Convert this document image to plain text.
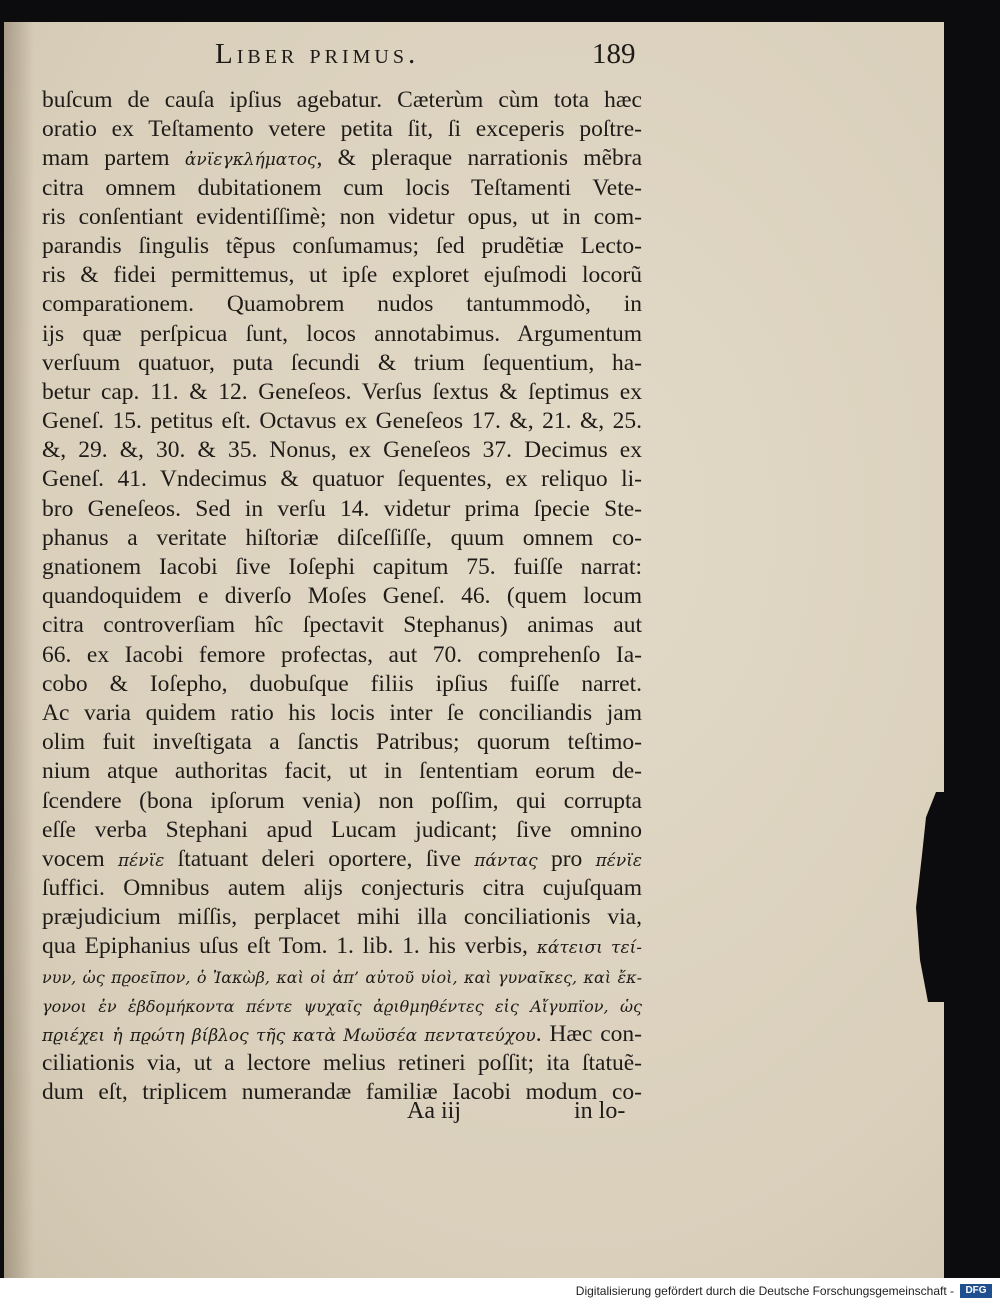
Liber primus.	189
buſcum de cauſa ipſius agebatur. Cæterùm cùm tota hæc
oratio ex Teſtamento vetere petita ſit, ſi exceperis poſtre-
mam partem ἀνϊεγκλήματος, & pleraque narrationis mẽbra
citra omnem dubitationem cum locis Teſtamenti Vete-
ris conſentiant evidentiſſimè; non videtur opus, ut in com-
parandis ſingulis tẽpus conſumamus; ſed prudẽtiæ Lecto-
ris & fidei permittemus, ut ipſe exploret ejuſmodi locorũ
comparationem. Quamobrem nudos tantummodò, in
ijs quæ perſpicua ſunt, locos annotabimus. Argumentum
verſuum quatuor, puta ſecundi & trium ſequentium, ha-
betur cap. 11. & 12. Geneſeos. Verſus ſextus & ſeptimus ex
Geneſ. 15. petitus eſt. Octavus ex Geneſeos 17. &, 21. &, 25.
&, 29. &, 30. & 35. Nonus, ex Geneſeos 37. Decimus ex
Geneſ. 41. Vndecimus & quatuor ſequentes, ex reliquo li-
bro Geneſeos. Sed in verſu 14. videtur prima ſpecie Ste-
phanus a veritate hiſtoriæ diſceſſiſſe, quum omnem co-
gnationem Iacobi ſive Ioſephi capitum 75. fuiſſe narrat:
quandoquidem e diverſo Moſes Geneſ. 46. (quem locum
citra controverſiam hîc ſpectavit Stephanus) animas aut
66. ex Iacobi femore profectas, aut 70. comprehenſo Ia-
cobo & Ioſepho, duobuſque filiis ipſius fuiſſe narret.
Ac varia quidem ratio his locis inter ſe conciliandis jam
olim fuit inveſtigata a ſanctis Patribus; quorum teſtimo-
nium atque authoritas facit, ut in ſententiam eorum de-
ſcendere (bona ipſorum venia) non poſſim, qui corrupta
eſſe verba Stephani apud Lucam judicant; ſive omnino
vocem πένϊε ſtatuant deleri oportere, ſive πάντας pro πένϊε
ſuffici. Omnibus autem alijs conjecturis citra cujuſquam
præjudicium miſſis, perplacet mihi illa conciliationis via,
qua Epiphanius uſus eſt Tom. 1. lib. 1. his verbis, κάτεισι τεί-
νυν, ὡς πϱοεῖπον, ὁ Ἰακὼβ, καὶ οἱ ἀπ’ αὐτοῦ υἱοὶ, καὶ γυναῖκες, καὶ ἔκ-
γονοι ἐν ἑβδομήκοντα πέντε ψυχαῖς ἀϱιθμηθέντες εἰς Αἴγυπϊον, ὡς
πϱιέχει ἡ πϱώτη βίβλος τῆς κατὰ Μωϋσέα πεντατεύχου. Hæc con-
ciliationis via, ut a lectore melius retineri poſſit; ita ſtatuẽ-
dum eſt, triplicem numerandæ familiæ Iacobi modum co-
Aa iij	in lo-
Digitalisierung gefördert durch die Deutsche Forschungsgemeinschaft -	DFG
